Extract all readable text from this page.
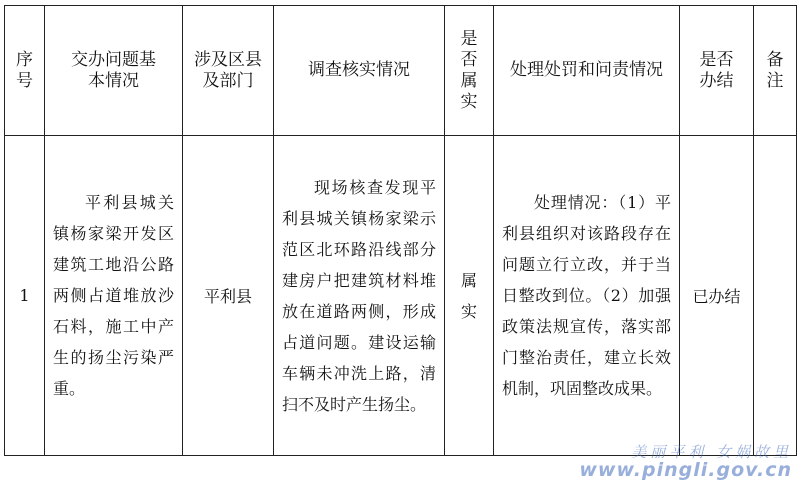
序号	交办问题基本情况	涉及区县及部门	调查核实情况	是否属实	处理处罚和问责情况	是否办结	备注
1	平利县城关镇杨家梁开发区建筑工地沿公路两侧占道堆放沙石料，施工中产生的扬尘污染严重。	平利县	现场核查发现平利县城关镇杨家梁示范区北环路沿线部分建房户把建筑材料堆放在道路两侧，形成占道问题。建设运输车辆未冲洗上路，清扫不及时产生扬尘。	属实	处理情况：（1）平利县组织对该路段存在问题立行立改，并于当日整改到位。（2）加强政策法规宣传，落实部门整治责任，建立长效机制，巩固整改成果。	已办结	
美丽平利 女娲故里
www.pingli.gov.cn
